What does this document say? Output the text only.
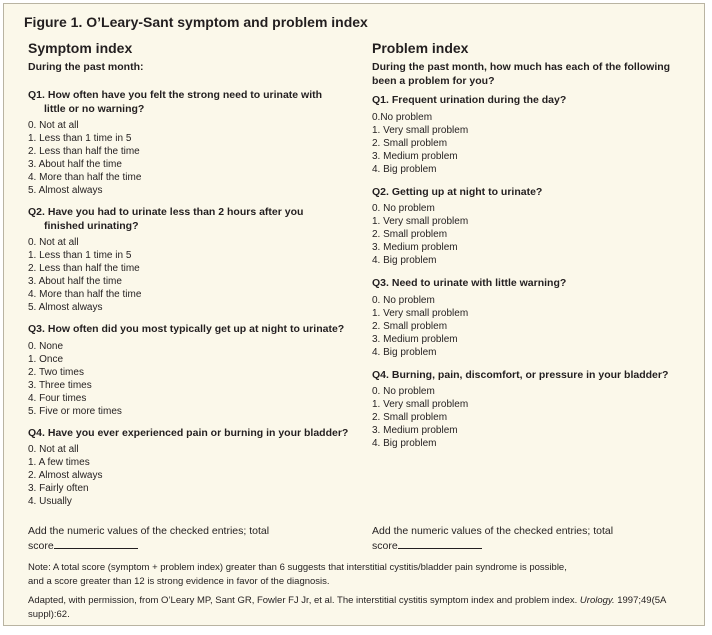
Figure 1. O’Leary-Sant symptom and problem index
Symptom index
During the past month:
Q1. How often have you felt the strong need to urinate with
little or no warning?
0. Not at all
1. Less than 1 time in 5
2. Less than half the time
3. About half the time
4. More than half the time
5. Almost always
Q2. Have you had to urinate less than 2 hours after you
finished urinating?
0. Not at all
1. Less than 1 time in 5
2. Less than half the time
3. About half the time
4. More than half the time
5. Almost always
Q3. How often did you most typically get up at night to urinate?
0. None
1. Once
2. Two times
3. Three times
4. Four times
5. Five or more times
Q4. Have you ever experienced pain or burning in your bladder?
0. Not at all
1. A few times
2. Almost always
3. Fairly often
4. Usually
Problem index
During the past month, how much has each of the following been a problem for you?
Q1. Frequent urination during the day?
0.No problem
1. Very small problem
2. Small problem
3. Medium problem
4. Big problem
Q2. Getting up at night to urinate?
0. No problem
1. Very small problem
2. Small problem
3. Medium problem
4. Big problem
Q3. Need to urinate with little warning?
0. No problem
1. Very small problem
2. Small problem
3. Medium problem
4. Big problem
Q4. Burning, pain, discomfort, or pressure in your bladder?
0. No problem
1. Very small problem
2. Small problem
3. Medium problem
4. Big problem
Add the numeric values of the checked entries; total
score
Add the numeric values of the checked entries; total
score
Note: A total score (symptom + problem index) greater than 6 suggests that interstitial cystitis/bladder pain syndrome is possible,
and a score greater than 12 is strong evidence in favor of the diagnosis.
Adapted, with permission, from O’Leary MP, Sant GR, Fowler FJ Jr, et al. The interstitial cystitis symptom index and problem index. Urology. 1997;49(5A suppl):62.
